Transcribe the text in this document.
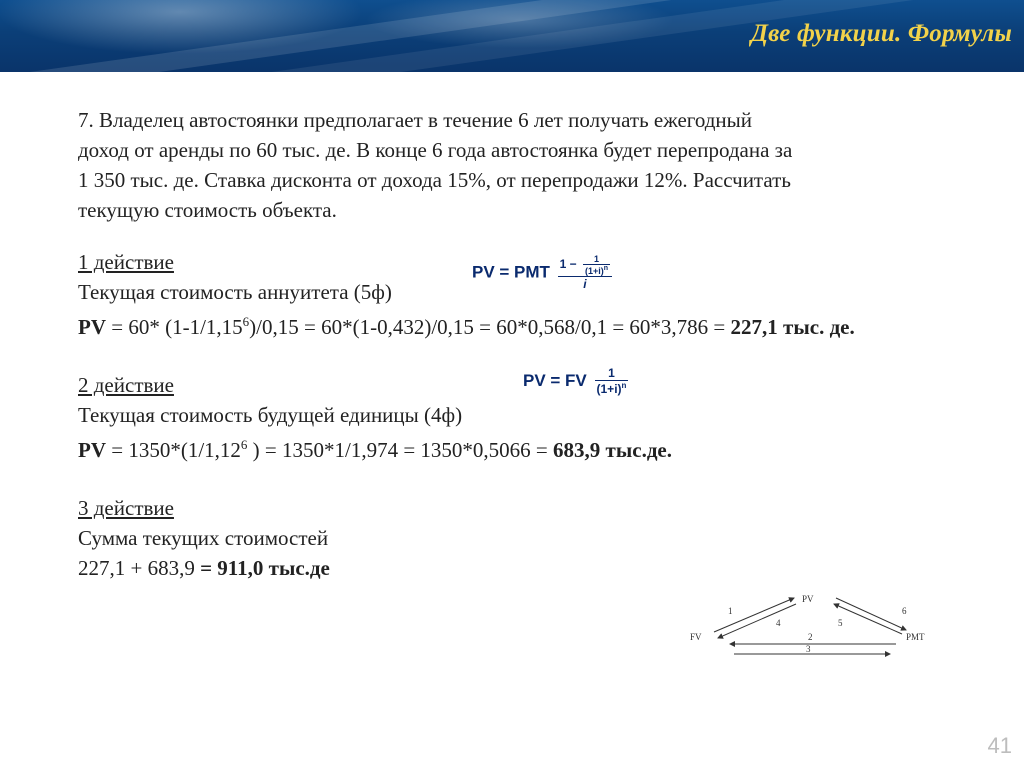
Две функции. Формулы

7. Владелец автостоянки предполагает в течение 6 лет получать ежегодный
доход от аренды по 60 тыс. де. В конце 6 года автостоянка будет перепродана за
1 350 тыс. де. Ставка дисконта от дохода 15%, от перепродажи 12%. Рассчитать
текущую стоимость объекта.

1 действие
Текущая стоимость аннуитета (5ф)
PV = 60* $(1-1/1,15^6)/0,15 = 60*(1-0,432)/0,15 = 60*0,568/0,1 = 60*3,786 = 227,1$ тыс. де.
2 действие
Текущая стоимость будущей единицы (4ф)
PV = $1350*(1/1,12^6$ ) = 1350*1/1,974 = 1350*0,5066 = 683,9 тыс.де.
3 действие
Сумма текущих стоимостей
227,1 + 683,9 = 911,0 тыс.де
PV = PMT $\frac{1 - \frac{1}{(1+i)^n}}{i}$
PV = FV $\frac{1}{(1+i)^n}$
PV
FV	PMT
1
4
6
5
2
3
41
